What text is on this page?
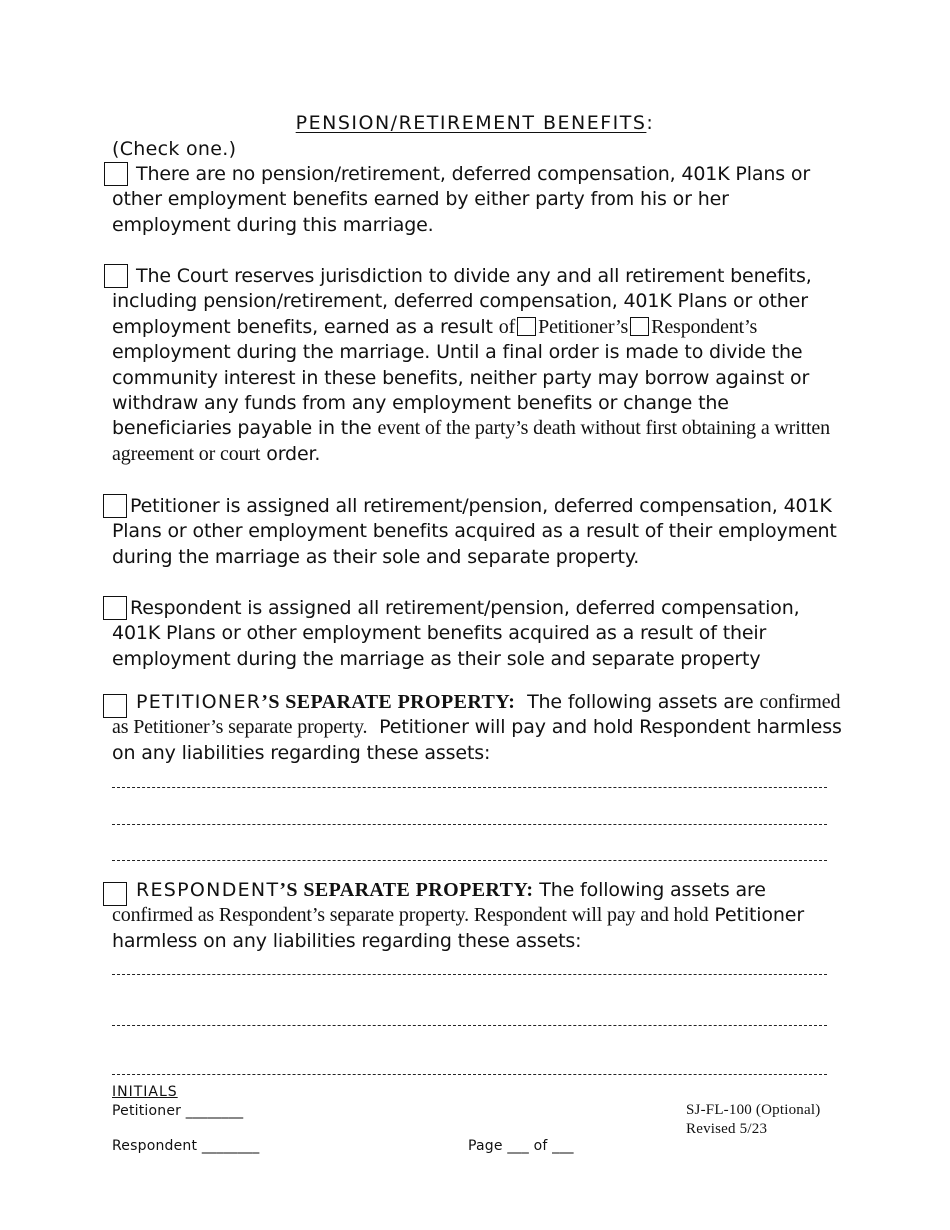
PENSION/RETIREMENT BENEFITS:
(Check one.)
There are no pension/retirement, deferred compensation, 401K Plans or other employment benefits earned by either party from his or her employment during this marriage.
The Court reserves jurisdiction to divide any and all retirement benefits, including pension/retirement, deferred compensation, 401K Plans or other employment benefits, earned as a result of Petitioner’s Respondent’s employment during the marriage. Until a final order is made to divide the community interest in these benefits, neither party may borrow against or withdraw any funds from any employment benefits or change the beneficiaries payable in the event of the party’s death without first obtaining a written agreement or court order.
Petitioner is assigned all retirement/pension, deferred compensation, 401K Plans or other employment benefits acquired as a result of their employment during the marriage as their sole and separate property.
Respondent is assigned all retirement/pension, deferred compensation, 401K Plans or other employment benefits acquired as a result of their employment during the marriage as their sole and separate property
PETITIONER’S SEPARATE PROPERTY: The following assets are confirmed as Petitioner’s separate property. Petitioner will pay and hold Respondent harmless on any liabilities regarding these assets:
RESPONDENT’S SEPARATE PROPERTY: The following assets are confirmed as Respondent’s separate property. Respondent will pay and hold Petitioner harmless on any liabilities regarding these assets:
INITIALS
Petitioner ________
Respondent ________	Page ___ of ___
SJ-FL-100 (Optional)
Revised 5/23
